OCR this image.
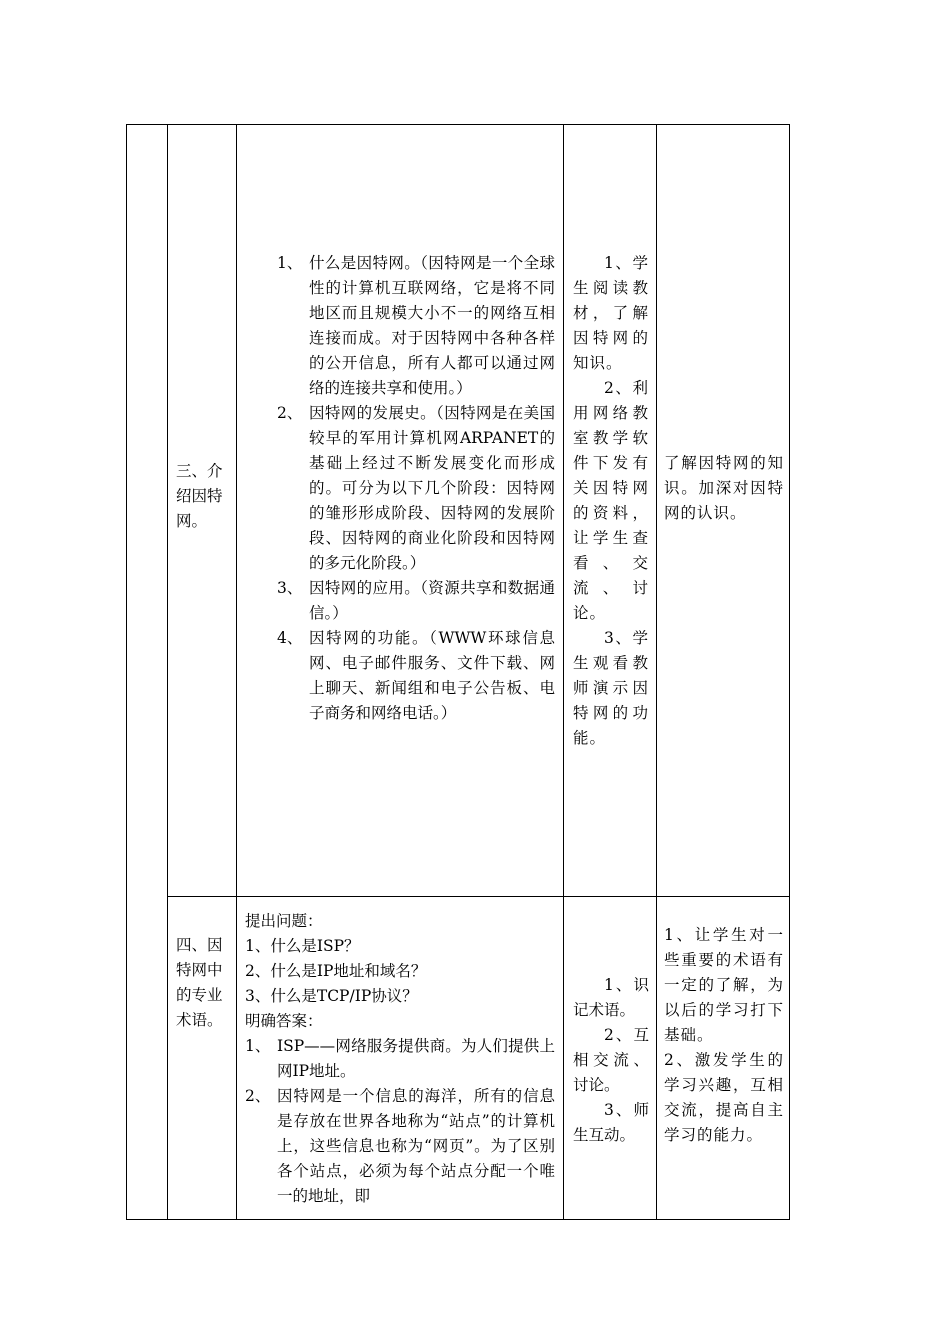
三、介绍因特网。
1、 什么是因特网。（因特网是一个全球性的计算机互联网络，它是将不同地区而且规模大小不一的网络互相连接而成。对于因特网中各种各样的公开信息，所有人都可以通过网络的连接共享和使用。）
2、 因特网的发展史。（因特网是在美国较早的军用计算机网ARPANET的基础上经过不断发展变化而形成的。可分为以下几个阶段：因特网的雏形形成阶段、因特网的发展阶段、因特网的商业化阶段和因特网的多元化阶段。）
3、 因特网的应用。（资源共享和数据通信。）
4、 因特网的功能。（WWW环球信息网、电子邮件服务、文件下载、网上聊天、新闻组和电子公告板、电子商务和网络电话。）

1、学生阅读教材，了解因特网的知识。

2、利用网络教室教学软件下发有关因特网的资料，让学生查看、交流、讨论。

3、学生观看教师演示因特网的功能。

了解因特网的知识。加深对因特网的认识。
四、因特网中的专业术语。

提出问题：

1、什么是ISP？

2、什么是IP地址和域名？

3、什么是TCP/IP协议？

明确答案：

1、 ISP——网络服务提供商。为人们提供上网IP地址。
2、 因特网是一个信息的海洋，所有的信息是存放在世界各地称为“站点”的计算机上，这些信息也称为“网页”。为了区别各个站点，必须为每个站点分配一个唯一的地址，即

1、识记术语。

2、互相交流、讨论。

3、师生互动。

1、让学生对一些重要的术语有一定的了解，为以后的学习打下基础。

2、激发学生的学习兴趣，互相交流，提高自主学习的能力。
